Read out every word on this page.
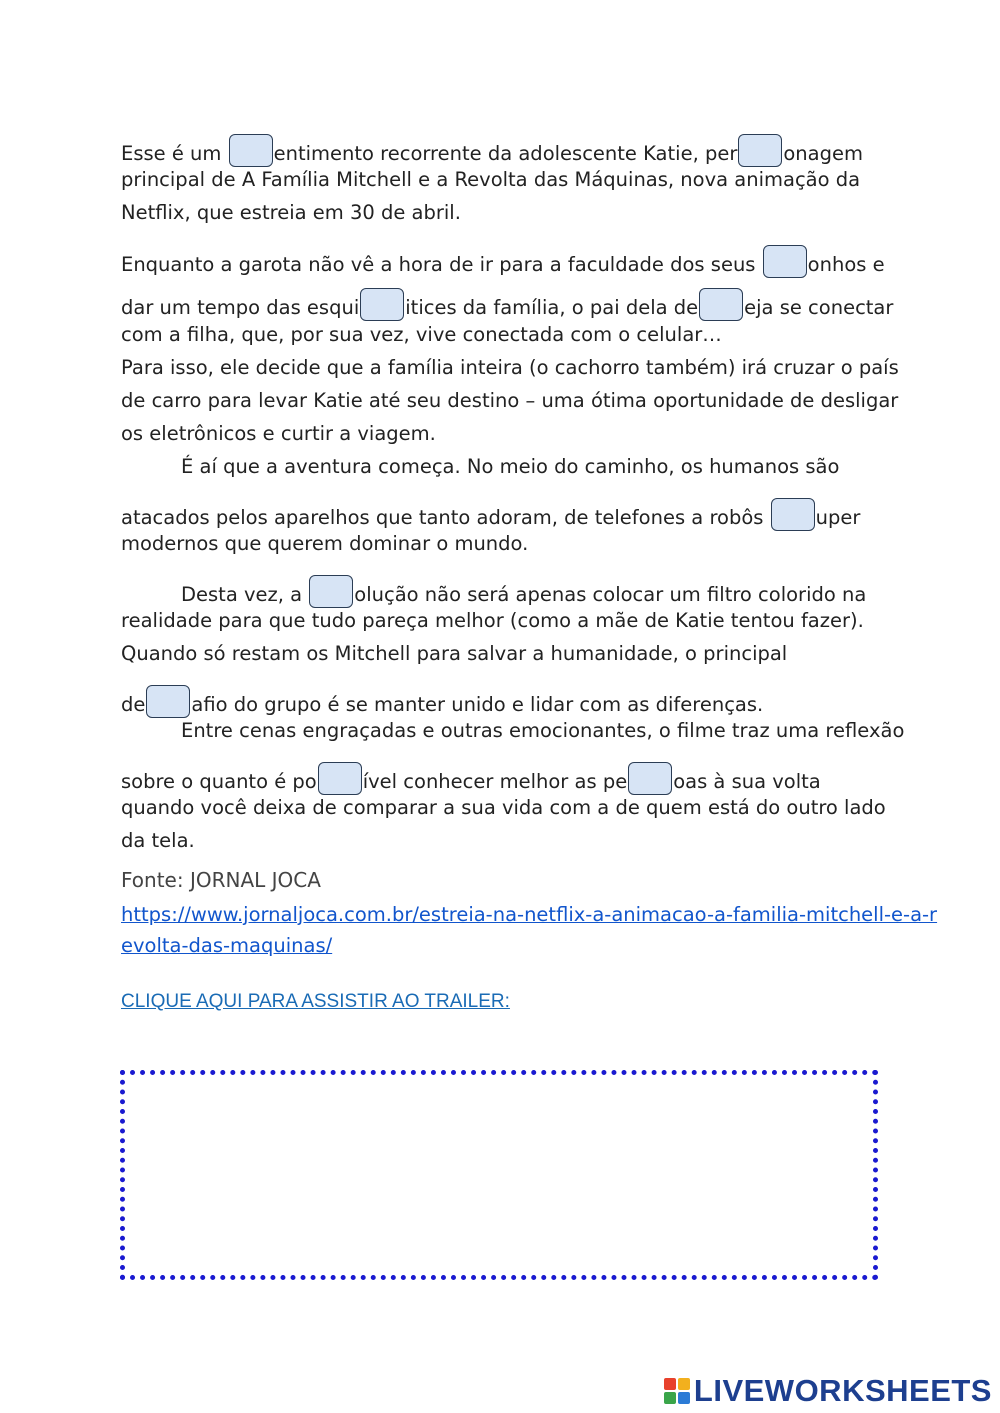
Esse é um entimento recorrente da adolescente Katie, per onagem
principal de A Família Mitchell e a Revolta das Máquinas, nova animação da
Netflix, que estreia em 30 de abril.
Enquanto a garota não vê a hora de ir para a faculdade dos seus onhos e
dar um tempo das esqui itices da família, o pai dela de eja se conectar
com a filha, que, por sua vez, vive conectada com o celular…
Para isso, ele decide que a família inteira (o cachorro também) irá cruzar o país
de carro para levar Katie até seu destino – uma ótima oportunidade de desligar
os eletrônicos e curtir a viagem.
É aí que a aventura começa. No meio do caminho, os humanos são
atacados pelos aparelhos que tanto adoram, de telefones a robôs uper
modernos que querem dominar o mundo.
Desta vez, a olução não será apenas colocar um filtro colorido na
realidade para que tudo pareça melhor (como a mãe de Katie tentou fazer).
Quando só restam os Mitchell para salvar a humanidade, o principal
de afio do grupo é se manter unido e lidar com as diferenças.
Entre cenas engraçadas e outras emocionantes, o filme traz uma reflexão
sobre o quanto é po ível conhecer melhor as pe oas à sua volta
quando você deixa de comparar a sua vida com a de quem está do outro lado
da tela.
Fonte: JORNAL JOCA
https://www.jornaljoca.com.br/estreia-na-netflix-a-animacao-a-familia-mitchell-e-a-r
evolta-das-maquinas/
CLIQUE AQUI PARA ASSISTIR AO TRAILER:
LIVEWORKSHEETS
